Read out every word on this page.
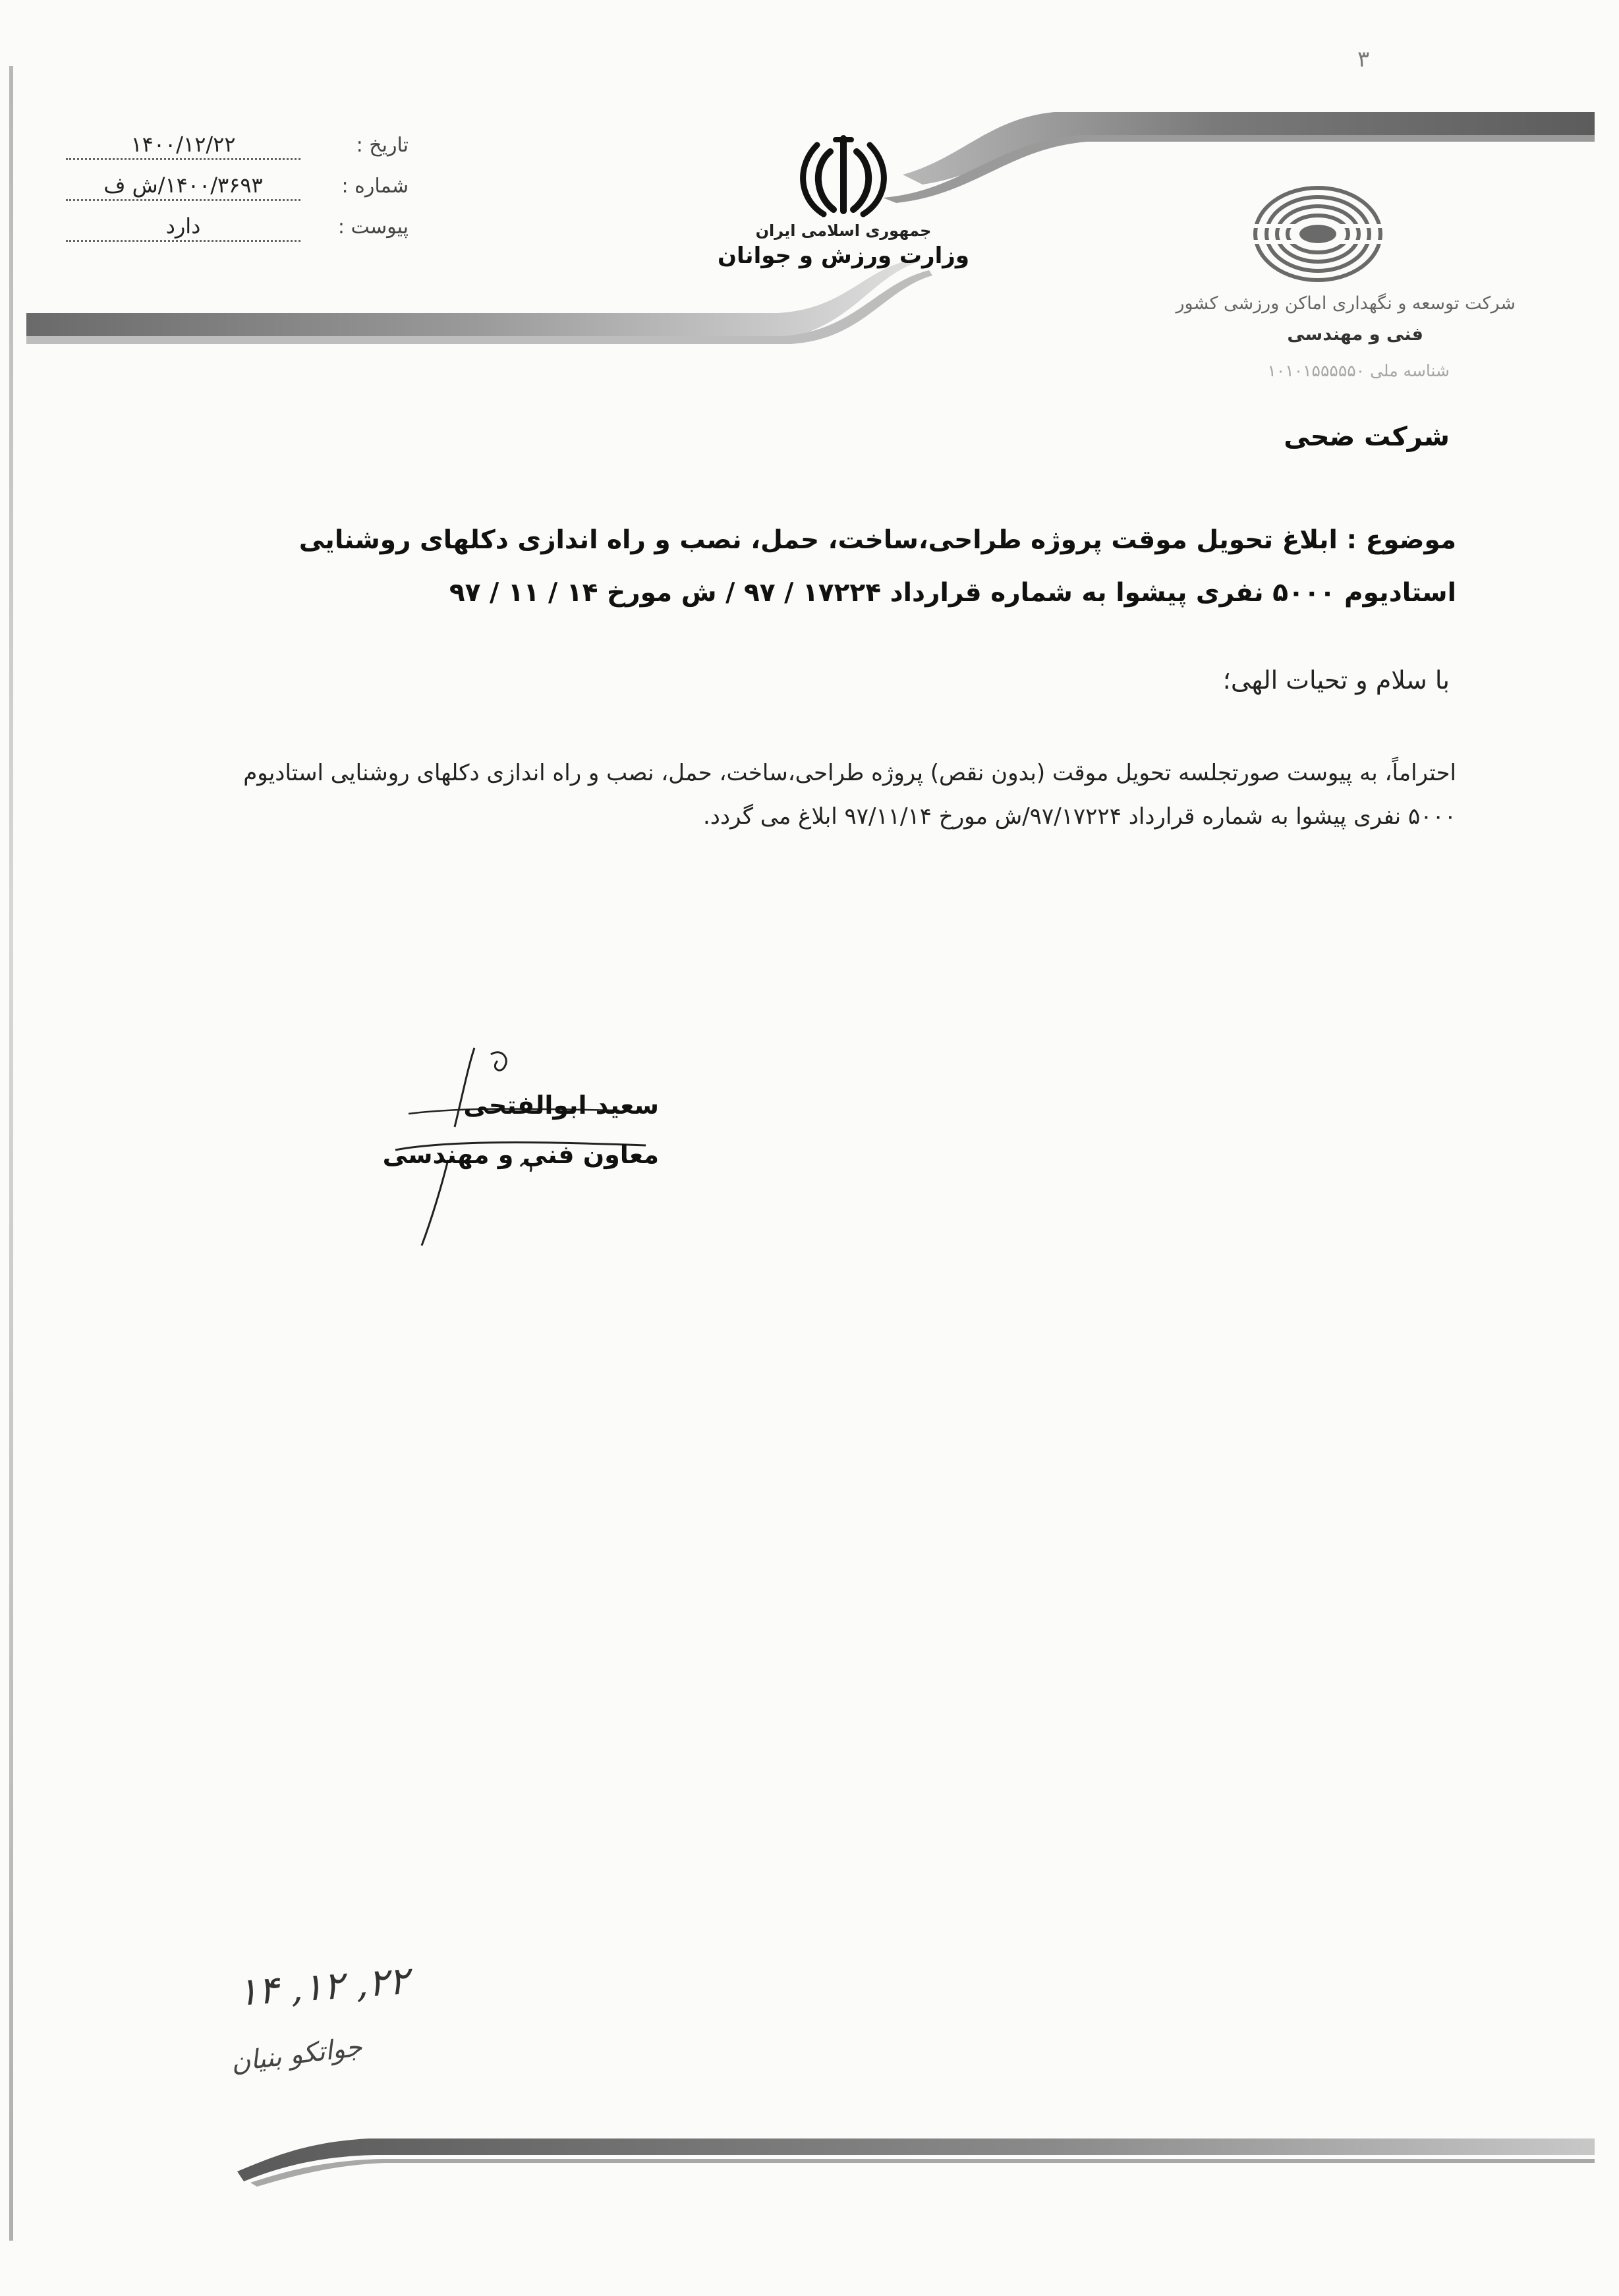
۳
تاریخ :
۱۴۰۰/۱۲/۲۲
شماره :
۱۴۰۰/۳۶۹۳/ش ف
پیوست :
دارد	جمهوری اسلامی ایران
وزارت ورزش و جوانان
شرکت توسعه و نگهداری اماکن ورزشی کشور
فنی و مهندسی
شناسه ملی ۱۰۱۰۱۵۵۵۵۵۰
شرکت ضحی
موضوع : ابلاغ تحویل موقت پروژه طراحی،ساخت، حمل، نصب و راه اندازی دکلهای روشنایی استادیوم ۵۰۰۰ نفری پیشوا به شماره قرارداد ۱۷۲۲۴ / ۹۷ / ش مورخ ۱۴ / ۱۱ / ۹۷
با سلام و تحیات الهی؛
احتراماً، به پیوست صورتجلسه تحویل موقت (بدون نقص) پروژه طراحی،ساخت، حمل، نصب و راه اندازی دکلهای روشنایی استادیوم ۵۰۰۰ نفری پیشوا به شماره قرارداد ۹۷/۱۷۲۲۴/ش مورخ ۹۷/۱۱/۱۴ ابلاغ می گردد.
سعید ابوالفتحی
معاون فنی و مهندسی
۱۴ ,۱۲ ,۲۲
جواتکو بنیان
